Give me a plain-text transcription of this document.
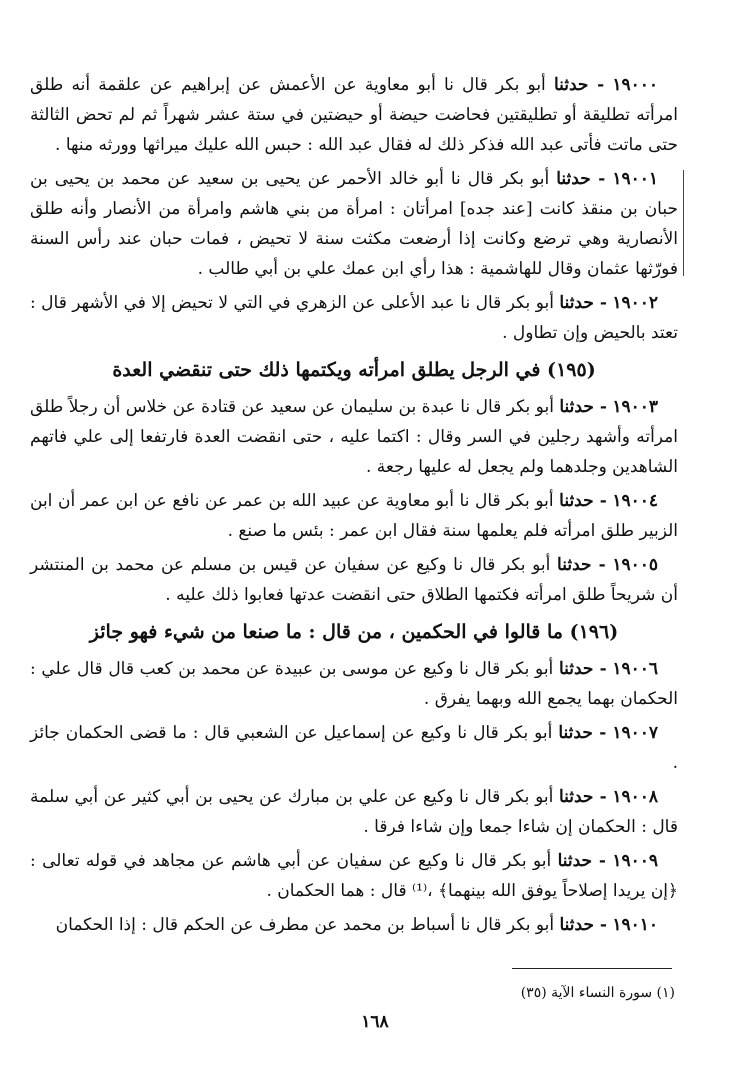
١٩٠٠٠ - حدثنا أبو بكر قال نا أبو معاوية عن الأعمش عن إبراهيم عن علقمة أنه طلق امرأته تطليقة أو تطليقتين فحاضت حيضة أو حيضتين في ستة عشر شهراً ثم لم تحض الثالثة حتى ماتت فأتى عبد الله فذكر ذلك له فقال عبد الله : حبس الله عليك ميراثها وورثه منها .

١٩٠٠١ - حدثنا أبو بكر قال نا أبو خالد الأحمر عن يحيى بن سعيد عن محمد بن يحيى بن حبان بن منقذ كانت [عند جده] امرأتان : امرأة من بني هاشم وامرأة من الأنصار وأنه طلق الأنصارية وهي ترضع وكانت إذا أرضعت مكثت سنة لا تحيض ، فمات حبان عند رأس السنة فورّثها عثمان وقال للهاشمية : هذا رأي ابن عمك علي بن أبي طالب .

١٩٠٠٢ - حدثنا أبو بكر قال نا عبد الأعلى عن الزهري في التي لا تحيض إلا في الأشهر قال : تعتد بالحيض وإن تطاول .

(١٩٥) في الرجل يطلق امرأته ويكتمها ذلك حتى تنقضي العدة

١٩٠٠٣ - حدثنا أبو بكر قال نا عبدة بن سليمان عن سعيد عن قتادة عن خلاس أن رجلاً طلق امرأته وأشهد رجلين في السر وقال : اكتما عليه ، حتى انقضت العدة فارتفعا إلى علي فاتهم الشاهدين وجلدهما ولم يجعل له عليها رجعة .

١٩٠٠٤ - حدثنا أبو بكر قال نا أبو معاوية عن عبيد الله بن عمر عن نافع عن ابن عمر أن ابن الزبير طلق امرأته فلم يعلمها سنة فقال ابن عمر : بئس ما صنع .

١٩٠٠٥ - حدثنا أبو بكر قال نا وكيع عن سفيان عن قيس بن مسلم عن محمد بن المنتشر أن شريحاً طلق امرأته فكتمها الطلاق حتى انقضت عدتها فعابوا ذلك عليه .

(١٩٦) ما قالوا في الحكمين ، من قال : ما صنعا من شيء فهو جائز

١٩٠٠٦ - حدثنا أبو بكر قال نا وكيع عن موسى بن عبيدة عن محمد بن كعب قال قال علي : الحكمان بهما يجمع الله وبهما يفرق .

١٩٠٠٧ - حدثنا أبو بكر قال نا وكيع عن إسماعيل عن الشعبي قال : ما قضى الحكمان جائز .

١٩٠٠٨ - حدثنا أبو بكر قال نا وكيع عن علي بن مبارك عن يحيى بن أبي كثير عن أبي سلمة قال : الحكمان إن شاءا جمعا وإن شاءا فرقا .

١٩٠٠٩ - حدثنا أبو بكر قال نا وكيع عن سفيان عن أبي هاشم عن مجاهد في قوله تعالى : ﴿إن يريدا إصلاحاً يوفق الله بينهما﴾ ،⁽¹⁾ قال : هما الحكمان .

١٩٠١٠ - حدثنا أبو بكر قال نا أسباط بن محمد عن مطرف عن الحكم قال : إذا الحكمان

(١) سورة النساء الآية (٣٥)
١٦٨
